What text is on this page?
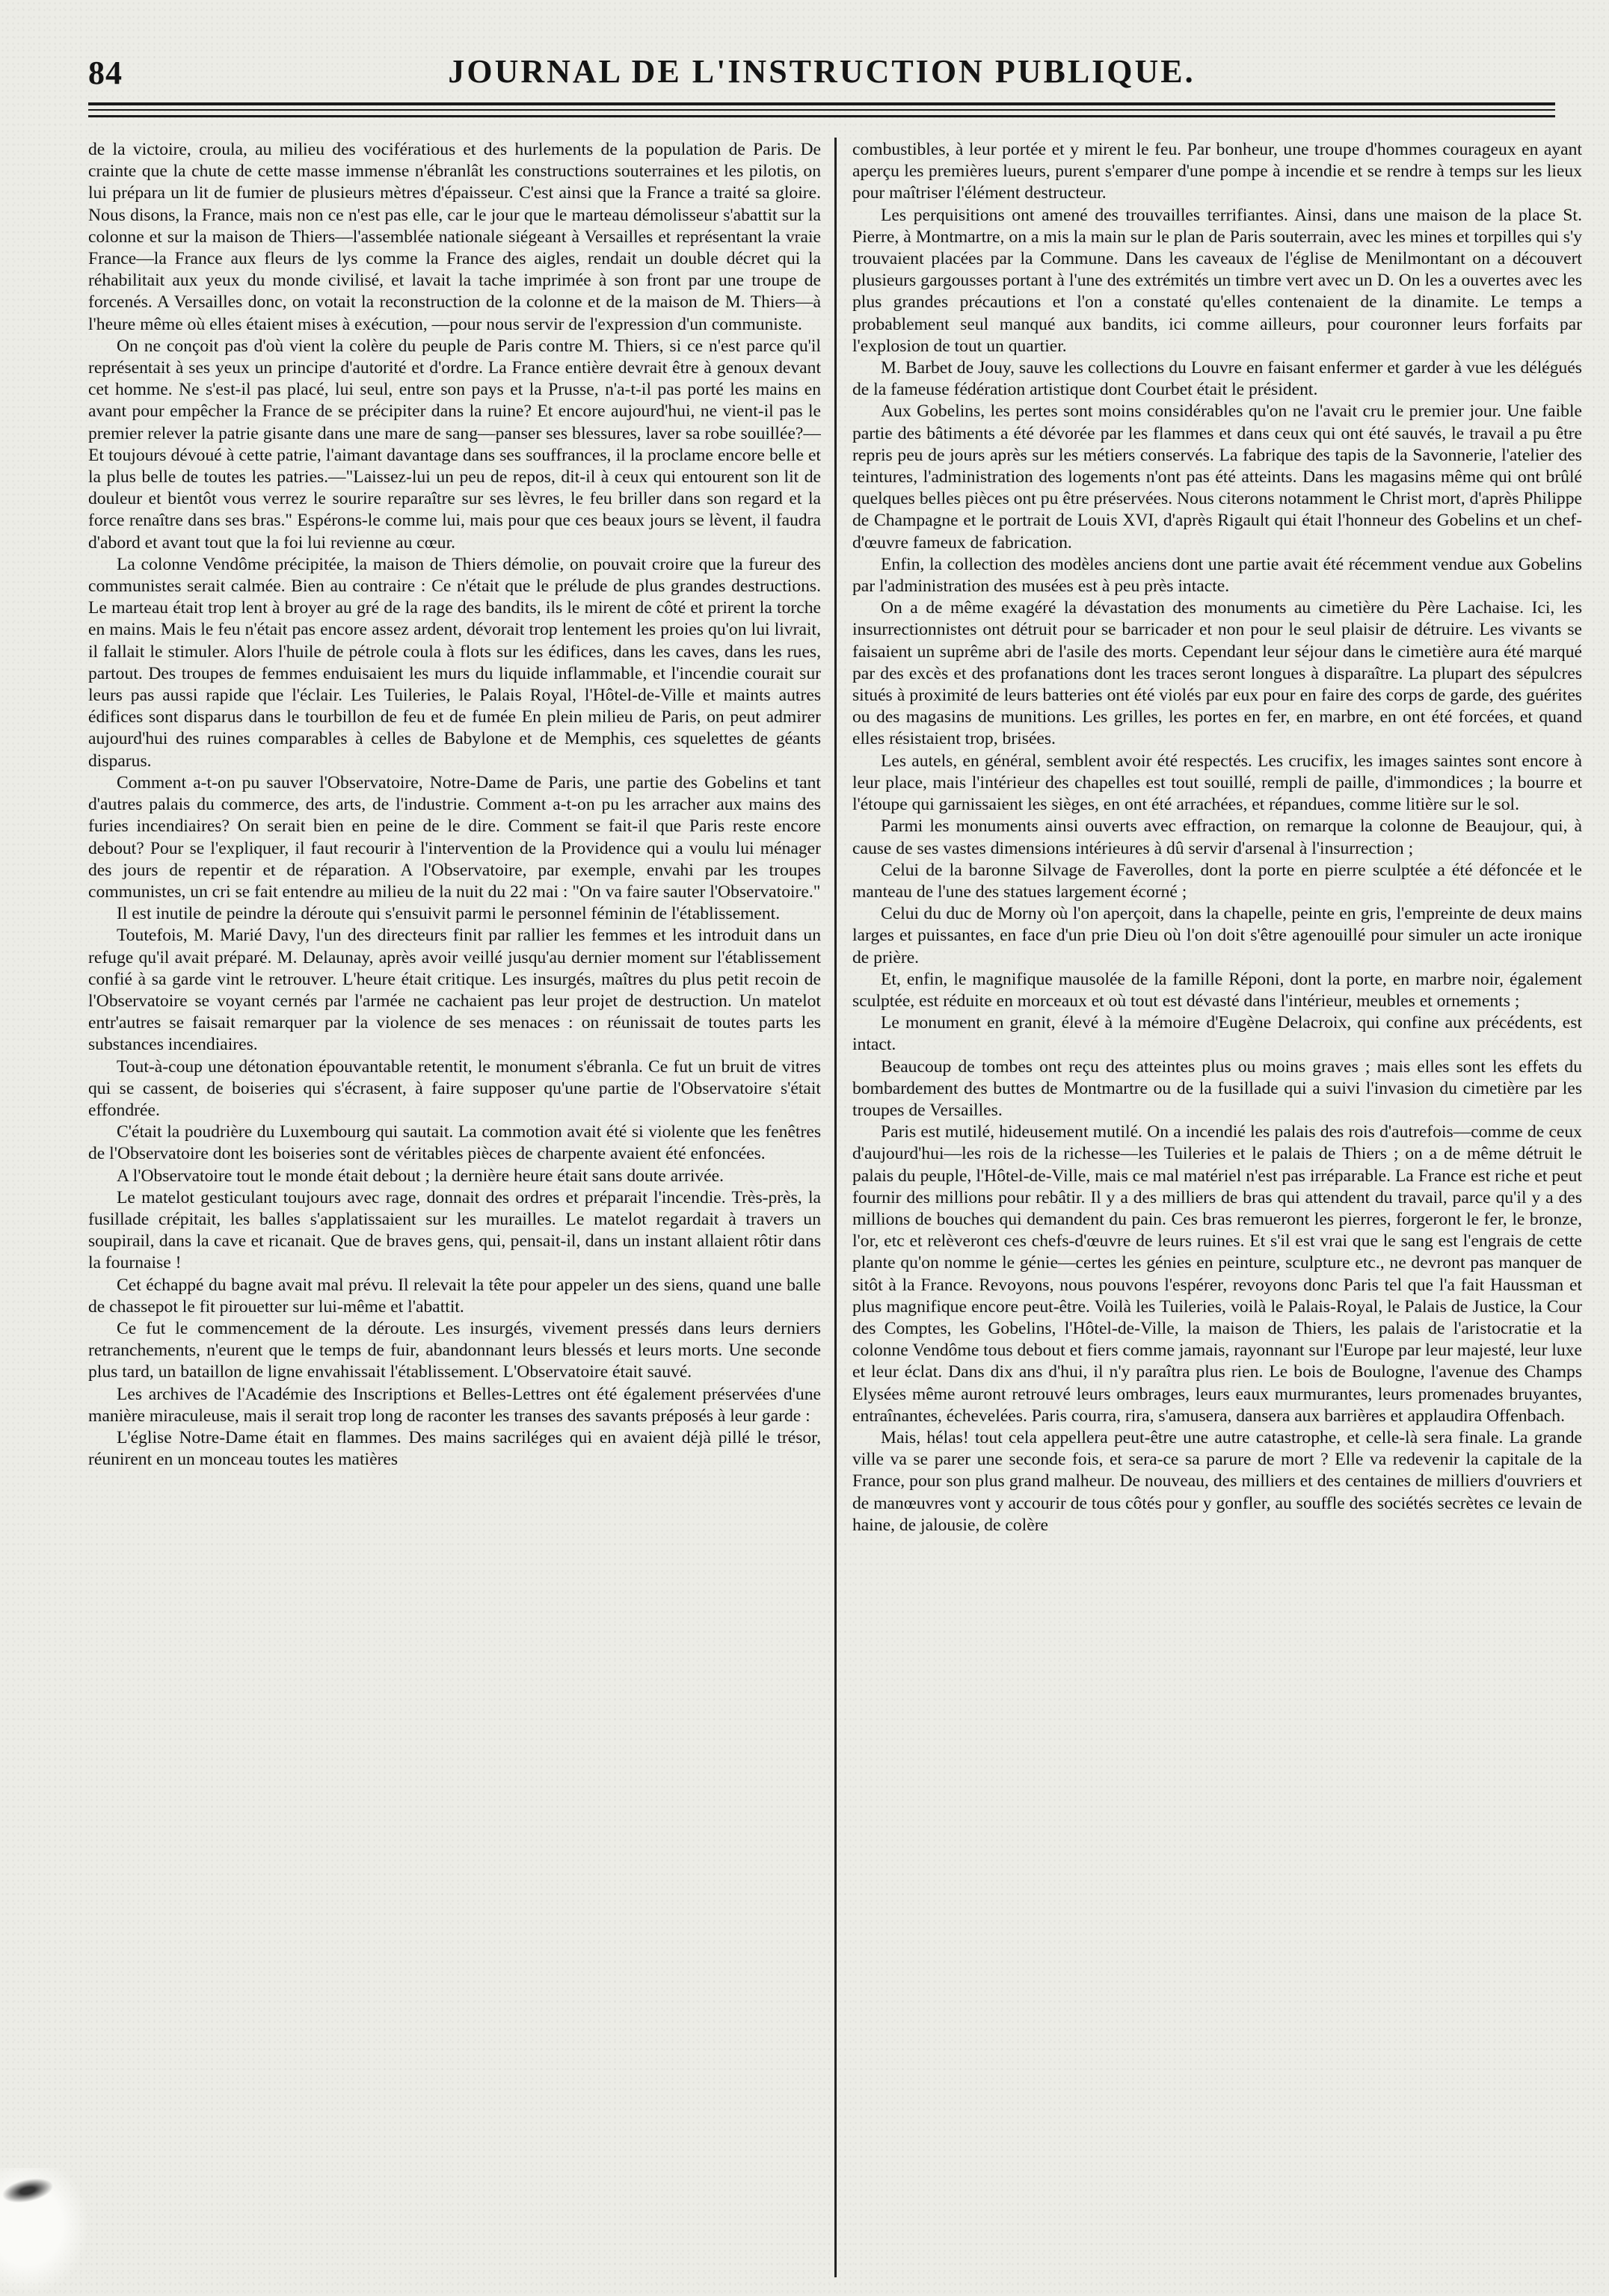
84	JOURNAL DE L'INSTRUCTION PUBLIQUE.

de la victoire, croula, au milieu des vocifératious et des hurlements de la population de Paris. De crainte que la chute de cette masse immense n'ébranlât les constructions souterraines et les pilotis, on lui prépara un lit de fumier de plusieurs mètres d'épaisseur. C'est ainsi que la France a traité sa gloire. Nous disons, la France, mais non ce n'est pas elle, car le jour que le marteau démolisseur s'abattit sur la colonne et sur la maison de Thiers—l'assemblée nationale siégeant à Versailles et représentant la vraie France—la France aux fleurs de lys comme la France des aigles, rendait un double décret qui la réhabilitait aux yeux du monde civilisé, et lavait la tache imprimée à son front par une troupe de forcenés. A Versailles donc, on votait la reconstruction de la colonne et de la maison de M. Thiers—à l'heure même où elles étaient mises à exécution, —pour nous servir de l'expression d'un communiste.

On ne conçoit pas d'où vient la colère du peuple de Paris contre M. Thiers, si ce n'est parce qu'il représentait à ses yeux un principe d'autorité et d'ordre. La France entière devrait être à genoux devant cet homme. Ne s'est-il pas placé, lui seul, entre son pays et la Prusse, n'a-t-il pas porté les mains en avant pour empêcher la France de se précipiter dans la ruine? Et encore aujourd'hui, ne vient-il pas le premier relever la patrie gisante dans une mare de sang—panser ses blessures, laver sa robe souillée?—Et toujours dévoué à cette patrie, l'aimant davantage dans ses souffrances, il la proclame encore belle et la plus belle de toutes les patries.—"Laissez-lui un peu de repos, dit-il à ceux qui entourent son lit de douleur et bientôt vous verrez le sourire reparaître sur ses lèvres, le feu briller dans son regard et la force renaître dans ses bras." Espérons-le comme lui, mais pour que ces beaux jours se lèvent, il faudra d'abord et avant tout que la foi lui revienne au cœur.

La colonne Vendôme précipitée, la maison de Thiers démolie, on pouvait croire que la fureur des communistes serait calmée. Bien au contraire : Ce n'était que le prélude de plus grandes destructions. Le marteau était trop lent à broyer au gré de la rage des bandits, ils le mirent de côté et prirent la torche en mains. Mais le feu n'était pas encore assez ardent, dévorait trop lentement les proies qu'on lui livrait, il fallait le stimuler. Alors l'huile de pétrole coula à flots sur les édifices, dans les caves, dans les rues, partout. Des troupes de femmes enduisaient les murs du liquide inflammable, et l'incendie courait sur leurs pas aussi rapide que l'éclair. Les Tuileries, le Palais Royal, l'Hôtel-de-Ville et maints autres édifices sont disparus dans le tourbillon de feu et de fumée En plein milieu de Paris, on peut admirer aujourd'hui des ruines comparables à celles de Babylone et de Memphis, ces squelettes de géants disparus.

Comment a-t-on pu sauver l'Observatoire, Notre-Dame de Paris, une partie des Gobelins et tant d'autres palais du commerce, des arts, de l'industrie. Comment a-t-on pu les arracher aux mains des furies incendiaires? On serait bien en peine de le dire. Comment se fait-il que Paris reste encore debout? Pour se l'expliquer, il faut recourir à l'intervention de la Providence qui a voulu lui ménager des jours de repentir et de réparation. A l'Observatoire, par exemple, envahi par les troupes communistes, un cri se fait entendre au milieu de la nuit du 22 mai : "On va faire sauter l'Observatoire."

Il est inutile de peindre la déroute qui s'ensuivit parmi le personnel féminin de l'établissement.

Toutefois, M. Marié Davy, l'un des directeurs finit par rallier les femmes et les introduit dans un refuge qu'il avait préparé. M. Delaunay, après avoir veillé jusqu'au dernier moment sur l'établissement confié à sa garde vint le retrouver. L'heure était critique. Les insurgés, maîtres du plus petit recoin de l'Observatoire se voyant cernés par l'armée ne cachaient pas leur projet de destruction. Un matelot entr'autres se faisait remarquer par la violence de ses menaces : on réunissait de toutes parts les substances incendiaires.

Tout-à-coup une détonation épouvantable retentit, le monument s'ébranla. Ce fut un bruit de vitres qui se cassent, de boiseries qui s'écrasent, à faire supposer qu'une partie de l'Observatoire s'était effondrée.

C'était la poudrière du Luxembourg qui sautait. La commotion avait été si violente que les fenêtres de l'Observatoire dont les boiseries sont de véritables pièces de charpente avaient été enfoncées.

A l'Observatoire tout le monde était debout ; la dernière heure était sans doute arrivée.

Le matelot gesticulant toujours avec rage, donnait des ordres et préparait l'incendie. Très-près, la fusillade crépitait, les balles s'applatissaient sur les murailles. Le matelot regardait à travers un soupirail, dans la cave et ricanait. Que de braves gens, qui, pensait-il, dans un instant allaient rôtir dans la fournaise !

Cet échappé du bagne avait mal prévu. Il relevait la tête pour appeler un des siens, quand une balle de chassepot le fit pirouetter sur lui-même et l'abattit.

Ce fut le commencement de la déroute. Les insurgés, vivement pressés dans leurs derniers retranchements, n'eurent que le temps de fuir, abandonnant leurs blessés et leurs morts. Une seconde plus tard, un bataillon de ligne envahissait l'établissement. L'Observatoire était sauvé.

Les archives de l'Académie des Inscriptions et Belles-Lettres ont été également préservées d'une manière miraculeuse, mais il serait trop long de raconter les transes des savants préposés à leur garde :

L'église Notre-Dame était en flammes. Des mains sacriléges qui en avaient déjà pillé le trésor, réunirent en un monceau toutes les matières

combustibles, à leur portée et y mirent le feu. Par bonheur, une troupe d'hommes courageux en ayant aperçu les premières lueurs, purent s'emparer d'une pompe à incendie et se rendre à temps sur les lieux pour maîtriser l'élément destructeur.

Les perquisitions ont amené des trouvailles terrifiantes. Ainsi, dans une maison de la place St. Pierre, à Montmartre, on a mis la main sur le plan de Paris souterrain, avec les mines et torpilles qui s'y trouvaient placées par la Commune. Dans les caveaux de l'église de Menilmontant on a découvert plusieurs gargousses portant à l'une des extrémités un timbre vert avec un D. On les a ouvertes avec les plus grandes précautions et l'on a constaté qu'elles contenaient de la dinamite. Le temps a probablement seul manqué aux bandits, ici comme ailleurs, pour couronner leurs forfaits par l'explosion de tout un quartier.

M. Barbet de Jouy, sauve les collections du Louvre en faisant enfermer et garder à vue les délégués de la fameuse fédération artistique dont Courbet était le président.

Aux Gobelins, les pertes sont moins considérables qu'on ne l'avait cru le premier jour. Une faible partie des bâtiments a été dévorée par les flammes et dans ceux qui ont été sauvés, le travail a pu être repris peu de jours après sur les métiers conservés. La fabrique des tapis de la Savonnerie, l'atelier des teintures, l'administration des logements n'ont pas été atteints. Dans les magasins même qui ont brûlé quelques belles pièces ont pu être préservées. Nous citerons notamment le Christ mort, d'après Philippe de Champagne et le portrait de Louis XVI, d'après Rigault qui était l'honneur des Gobelins et un chef-d'œuvre fameux de fabrication.

Enfin, la collection des modèles anciens dont une partie avait été récemment vendue aux Gobelins par l'administration des musées est à peu près intacte.

On a de même exagéré la dévastation des monuments au cimetière du Père Lachaise. Ici, les insurrectionnistes ont détruit pour se barricader et non pour le seul plaisir de détruire. Les vivants se faisaient un suprême abri de l'asile des morts. Cependant leur séjour dans le cimetière aura été marqué par des excès et des profanations dont les traces seront longues à disparaître. La plupart des sépulcres situés à proximité de leurs batteries ont été violés par eux pour en faire des corps de garde, des guérites ou des magasins de munitions. Les grilles, les portes en fer, en marbre, en ont été forcées, et quand elles résistaient trop, brisées.

Les autels, en général, semblent avoir été respectés. Les crucifix, les images saintes sont encore à leur place, mais l'intérieur des chapelles est tout souillé, rempli de paille, d'immondices ; la bourre et l'étoupe qui garnissaient les sièges, en ont été arrachées, et répandues, comme litière sur le sol.

Parmi les monuments ainsi ouverts avec effraction, on remarque la colonne de Beaujour, qui, à cause de ses vastes dimensions intérieures à dû servir d'arsenal à l'insurrection ;

Celui de la baronne Silvage de Faverolles, dont la porte en pierre sculptée a été défoncée et le manteau de l'une des statues largement écorné ;

Celui du duc de Morny où l'on aperçoit, dans la chapelle, peinte en gris, l'empreinte de deux mains larges et puissantes, en face d'un prie Dieu où l'on doit s'être agenouillé pour simuler un acte ironique de prière.

Et, enfin, le magnifique mausolée de la famille Réponi, dont la porte, en marbre noir, également sculptée, est réduite en morceaux et où tout est dévasté dans l'intérieur, meubles et ornements ;

Le monument en granit, élevé à la mémoire d'Eugène Delacroix, qui confine aux précédents, est intact.

Beaucoup de tombes ont reçu des atteintes plus ou moins graves ; mais elles sont les effets du bombardement des buttes de Montmartre ou de la fusillade qui a suivi l'invasion du cimetière par les troupes de Versailles.

Paris est mutilé, hideusement mutilé. On a incendié les palais des rois d'autrefois—comme de ceux d'aujourd'hui—les rois de la richesse—les Tuileries et le palais de Thiers ; on a de même détruit le palais du peuple, l'Hôtel-de-Ville, mais ce mal matériel n'est pas irréparable. La France est riche et peut fournir des millions pour rebâtir. Il y a des milliers de bras qui attendent du travail, parce qu'il y a des millions de bouches qui demandent du pain. Ces bras remueront les pierres, forgeront le fer, le bronze, l'or, etc et relèveront ces chefs-d'œuvre de leurs ruines. Et s'il est vrai que le sang est l'engrais de cette plante qu'on nomme le génie—certes les génies en peinture, sculpture etc., ne devront pas manquer de sitôt à la France. Revoyons, nous pouvons l'espérer, revoyons donc Paris tel que l'a fait Haussman et plus magnifique encore peut-être. Voilà les Tuileries, voilà le Palais-Royal, le Palais de Justice, la Cour des Comptes, les Gobelins, l'Hôtel-de-Ville, la maison de Thiers, les palais de l'aristocratie et la colonne Vendôme tous debout et fiers comme jamais, rayonnant sur l'Europe par leur majesté, leur luxe et leur éclat. Dans dix ans d'hui, il n'y paraîtra plus rien. Le bois de Boulogne, l'avenue des Champs Elysées même auront retrouvé leurs ombrages, leurs eaux murmurantes, leurs promenades bruyantes, entraînantes, échevelées. Paris courra, rira, s'amusera, dansera aux barrières et applaudira Offenbach.

Mais, hélas! tout cela appellera peut-être une autre catastrophe, et celle-là sera finale. La grande ville va se parer une seconde fois, et sera-ce sa parure de mort ? Elle va redevenir la capitale de la France, pour son plus grand malheur. De nouveau, des milliers et des centaines de milliers d'ouvriers et de manœuvres vont y accourir de tous côtés pour y gonfler, au souffle des sociétés secrètes ce levain de haine, de jalousie, de colère
